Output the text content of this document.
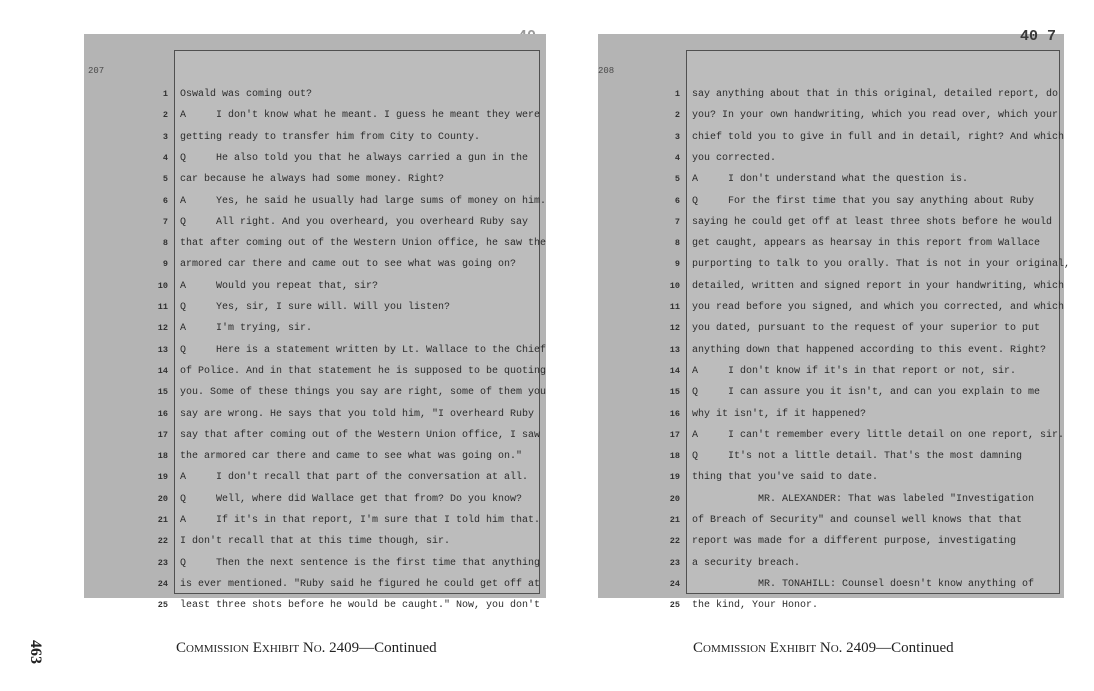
207
1 Oswald was coming out?
2 A     I don't know what he meant. I guess he meant they were
3 getting ready to transfer him from City to County.
4 Q     He also told you that he always carried a gun in the
5 car because he always had some money. Right?
6 A     Yes, he said he usually had large sums of money on him.
7 Q     All right. And you overheard, you overheard Ruby say
8 that after coming out of the Western Union office, he saw the
9 armored car there and came out to see what was going on?
10 A     Would you repeat that, sir?
11 Q     Yes, sir, I sure will. Will you listen?
12 A     I'm trying, sir.
13 Q     Here is a statement written by Lt. Wallace to the Chief
14 of Police. And in that statement he is supposed to be quoting
15 you. Some of these things you say are right, some of them you
16 say are wrong. He says that you told him, "I overheard Ruby
17 say that after coming out of the Western Union office, I saw
18 the armored car there and came to see what was going on."
19 A     I don't recall that part of the conversation at all.
20 Q     Well, where did Wallace get that from? Do you know?
21 A     If it's in that report, I'm sure that I told him that.
22 I don't recall that at this time though, sir.
23 Q     Then the next sentence is the first time that anything
24 is ever mentioned. "Ruby said he figured he could get off at
25 least three shots before he would be caught." Now, you don't
208
1 say anything about that in this original, detailed report, do
2 you? In your own handwriting, which you read over, which your
3 chief told you to give in full and in detail, right? And which
4 you corrected.
5 A     I don't understand what the question is.
6 Q     For the first time that you say anything about Ruby
7 saying he could get off at least three shots before he would
8 get caught, appears as hearsay in this report from Wallace
9 purporting to talk to you orally. That is not in your original,
10 detailed, written and signed report in your handwriting, which
11 you read before you signed, and which you corrected, and which
12 you dated, pursuant to the request of your superior to put
13 anything down that happened according to this event. Right?
14 A     I don't know if it's in that report or not, sir.
15 Q     I can assure you it isn't, and can you explain to me
16 why it isn't, if it happened?
17 A     I can't remember every little detail on one report, sir.
18 Q     It's not a little detail. That's the most damning
19 thing that you've said to date.
20 MR. ALEXANDER: That was labeled "Investigation
21 of Breach of Security" and counsel well knows that that
22 report was made for a different purpose, investigating
23 a security breach.
24 MR. TONAHILL: Counsel doesn't know anything of
25 the kind, Your Honor.
40 7
Commission Exhibit No. 2409—Continued	Commission Exhibit No. 2409—Continued
463
